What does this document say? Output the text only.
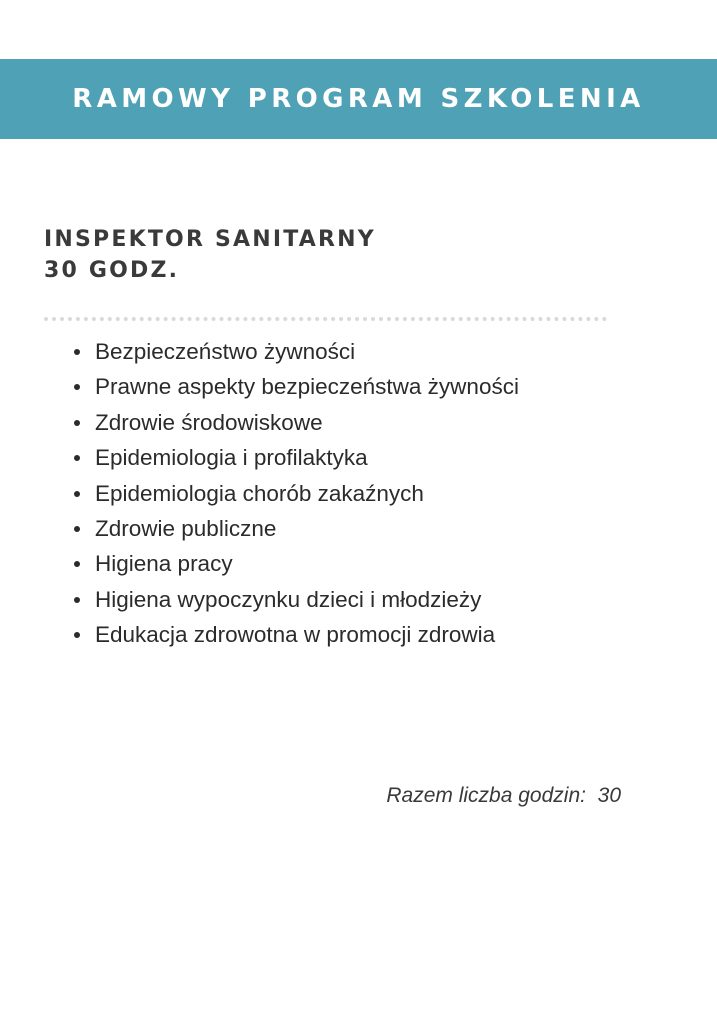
RAMOWY PROGRAM SZKOLENIA
INSPEKTOR SANITARNY
30 GODZ.
Bezpieczeństwo żywności
Prawne aspekty bezpieczeństwa żywności
Zdrowie środowiskowe
Epidemiologia i profilaktyka
Epidemiologia chorób zakaźnych
Zdrowie publiczne
Higiena pracy
Higiena wypoczynku dzieci i młodzieży
Edukacja zdrowotna w promocji zdrowia
Razem liczba godzin: 30
